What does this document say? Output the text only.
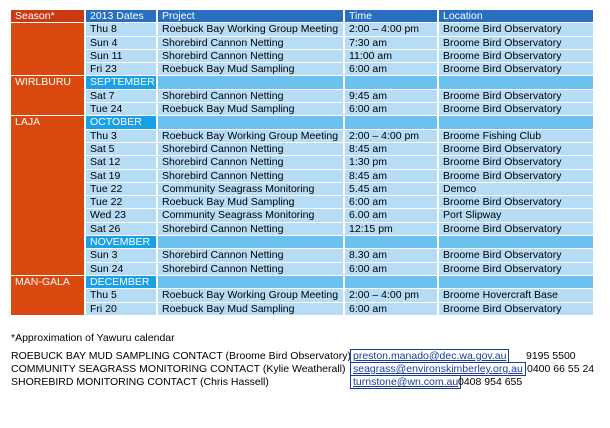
Season*	2013 Dates	Project	Time	Location
	Thu 8	Roebuck Bay Working Group Meeting	2:00 – 4:00 pm	Broome Bird Observatory
	Sun 4	Shorebird Cannon Netting	7:30 am	Broome Bird Observatory
	Sun 11	Shorebird Cannon Netting	11:00 am	Broome Bird Observatory
	Fri 23	Roebuck Bay Mud Sampling	6:00 am	Broome Bird Observatory
WIRLBURU	SEPTEMBER			
	Sat 7	Shorebird Cannon Netting	9:45 am	Broome Bird Observatory
	Tue 24	Roebuck Bay Mud Sampling	6:00 am	Broome Bird Observatory
LAJA	OCTOBER			
	Thu 3	Roebuck Bay Working Group Meeting	2:00 – 4:00 pm	Broome Fishing Club
	Sat 5	Shorebird Cannon Netting	8:45 am	Broome Bird Observatory
	Sat 12	Shorebird Cannon Netting	1:30 pm	Broome Bird Observatory
	Sat 19	Shorebird Cannon Netting	8:45 am	Broome Bird Observatory
	Tue 22	Community Seagrass Monitoring	5.45 am	Demco
	Tue 22	Roebuck Bay Mud Sampling	6:00 am	Broome Bird Observatory
	Wed 23	Community Seagrass Monitoring	6.00 am	Port Slipway
	Sat 26	Shorebird Cannon Netting	12:15 pm	Broome Bird Observatory
	NOVEMBER			
	Sun 3	Shorebird Cannon Netting	8.30 am	Broome Bird Observatory
	Sun 24	Shorebird Cannon Netting	6:00 am	Broome Bird Observatory
MAN-GALA	DECEMBER			
	Thu 5	Roebuck Bay Working Group Meeting	2:00 – 4:00 pm	Broome Hovercraft Base
	Fri 20	Roebuck Bay Mud Sampling	6:00 am	Broome Bird Observatory
*Approximation of Yawuru calendar
ROEBUCK BAY MUD SAMPLING CONTACT (Broome Bird Observatory) preston.manado@dec.wa.gov.au 9195 5500
COMMUNITY SEAGRASS MONITORING CONTACT (Kylie Weatherall) seagrass@environskimberley.org.au 0400 66 55 24
SHOREBIRD MONITORING CONTACT (Chris Hassell)	turnstone@wn.com.au 0408 954 655
